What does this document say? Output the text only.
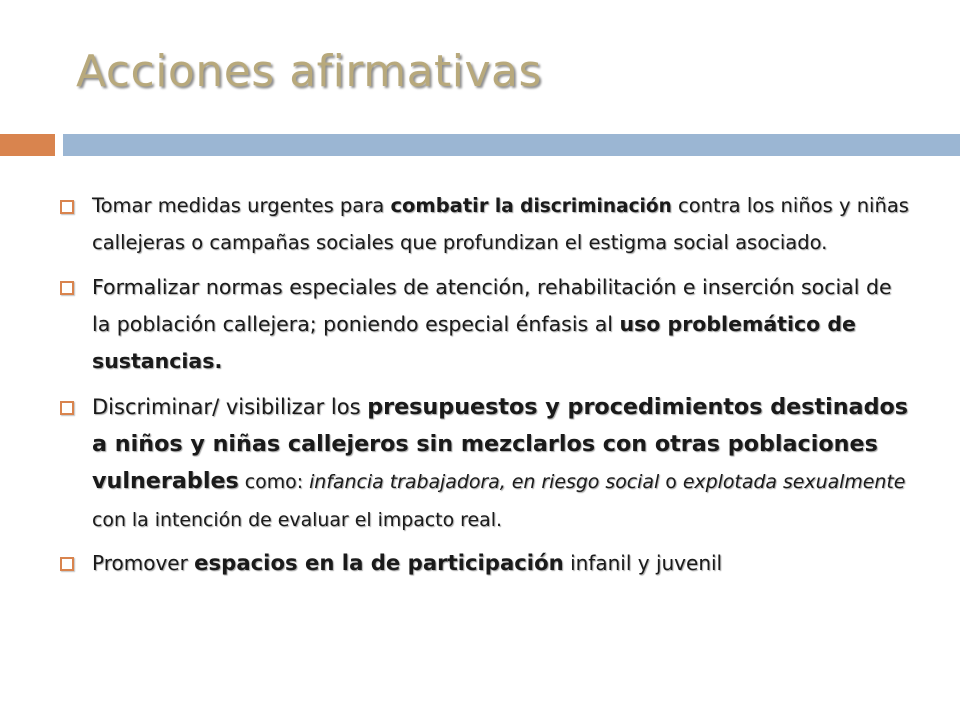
Acciones afirmativas
Tomar medidas urgentes para combatir la discriminación contra los niños y niñas callejeras o campañas sociales que profundizan el estigma social asociado.
Formalizar normas especiales de atención, rehabilitación e inserción social de la población callejera; poniendo especial énfasis al uso problemático de sustancias.
Discriminar/ visibilizar los presupuestos y procedimientos destinados a niños y niñas callejeros sin mezclarlos con otras poblaciones vulnerables como: infancia trabajadora, en riesgo social o explotada sexualmente con la intención de evaluar el impacto real.
Promover espacios en la de participación infanil y juvenil
